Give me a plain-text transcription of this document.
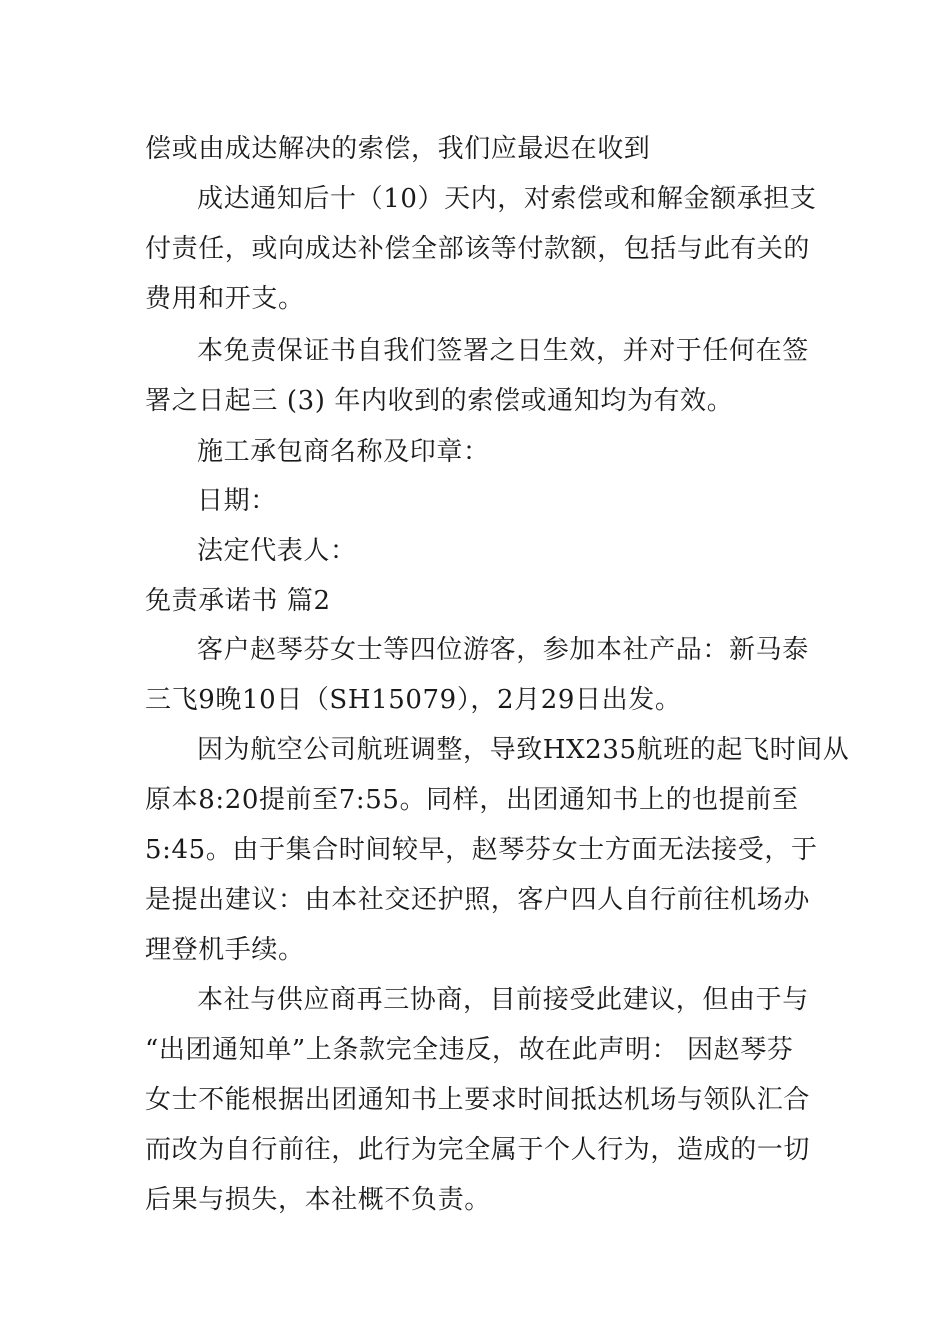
偿或由成达解决的索偿，我们应最迟在收到
成达通知后十（10）天内，对索偿或和解金额承担支
付责任，或向成达补偿全部该等付款额，包括与此有关的
费用和开支。
本免责保证书自我们签署之日生效，并对于任何在签
署之日起三 (3) 年内收到的索偿或通知均为有效。
施工承包商名称及印章：
日期：
法定代表人：
免责承诺书 篇2
客户赵琴芬女士等四位游客，参加本社产品：新马泰
三飞9晚10日（SH15079），2月29日出发。
因为航空公司航班调整，导致HX235航班的起飞时间从
原本8:20提前至7:55。同样，出团通知书上的也提前至
5:45。由于集合时间较早，赵琴芬女士方面无法接受，于
是提出建议：由本社交还护照，客户四人自行前往机场办
理登机手续。
本社与供应商再三协商，目前接受此建议，但由于与
“出团通知单”上条款完全违反，故在此声明： 因赵琴芬
女士不能根据出团通知书上要求时间抵达机场与领队汇合
而改为自行前往，此行为完全属于个人行为，造成的一切
后果与损失，本社概不负责。
